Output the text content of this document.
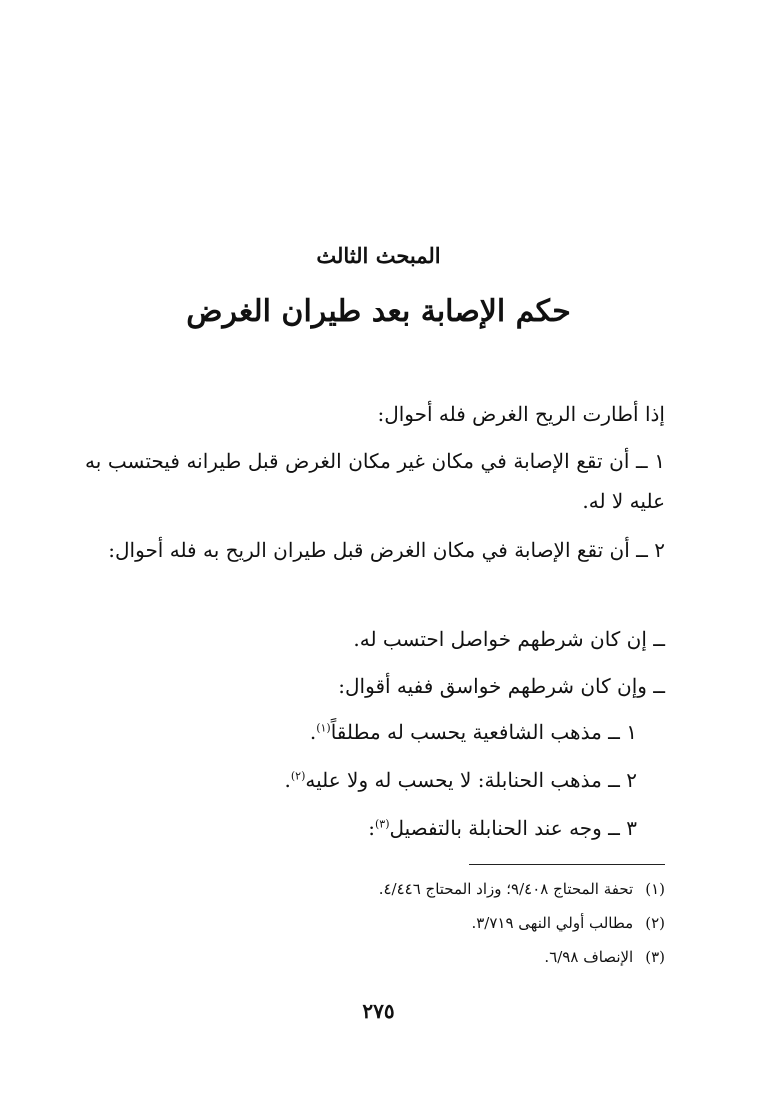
المبحث الثالث
حكم الإصابة بعد طيران الغرض
إذا أطارت الريح الغرض فله أحوال:
١ ــ أن تقع الإصابة في مكان غير مكان الغرض قبل طيرانه فيحتسب به عليه لا له.
٢ ــ أن تقع الإصابة في مكان الغرض قبل طيران الريح به فله أحوال:
ــ إن كان شرطهم خواصل احتسب له.
ــ وإن كان شرطهم خواسق ففيه أقوال:
١ ــ مذهب الشافعية يحسب له مطلقاً$^{(١)}$.
٢ ــ مذهب الحنابلة: لا يحسب له ولا عليه$^{(٢)}$.
٣ ــ وجه عند الحنابلة بالتفصيل$^{(٣)}$:
(١)تحفة المحتاج ٩/٤٠٨؛ وزاد المحتاج ٤/٤٤٦.
(٢)مطالب أولي النهى ٣/٧١٩.
(٣)الإنصاف ٦/٩٨.
٢٧٥
